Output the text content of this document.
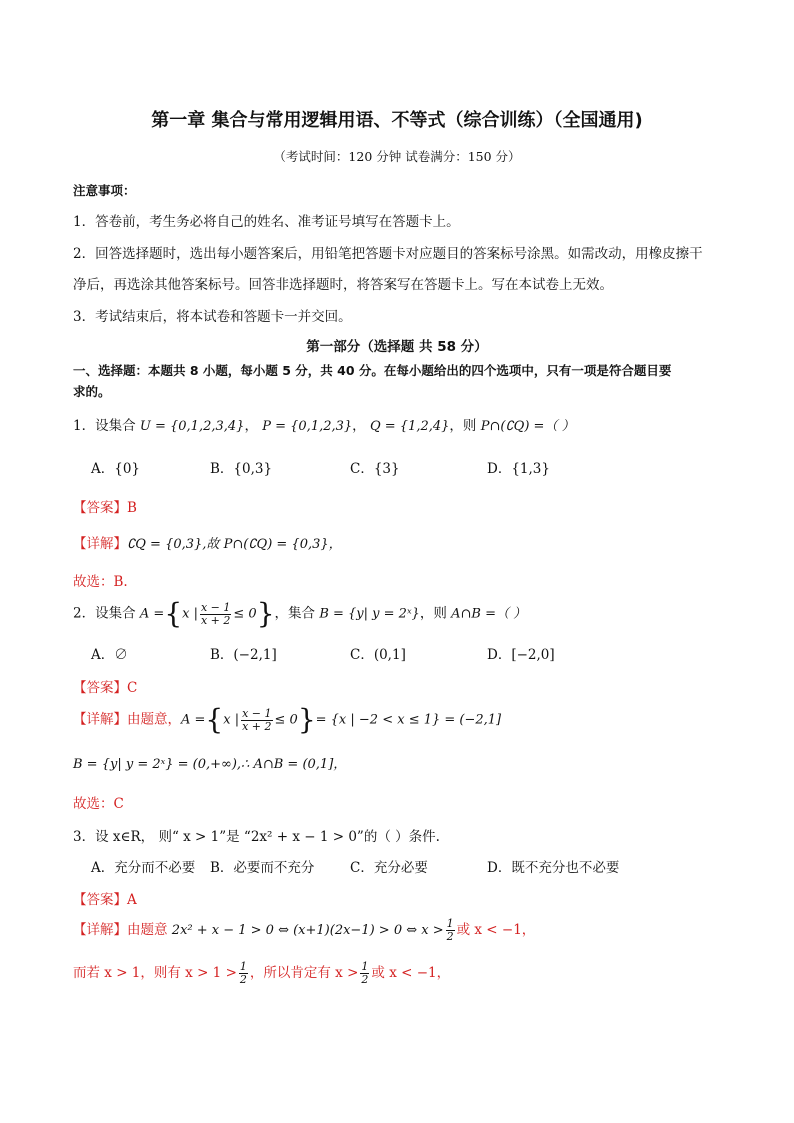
第一章 集合与常用逻辑用语、不等式（综合训练）（全国通用)
（考试时间：120 分钟 试卷满分：150 分）
注意事项：
1．答卷前，考生务必将自己的姓名、准考证号填写在答题卡上。
2．回答选择题时，选出每小题答案后，用铅笔把答题卡对应题目的答案标号涂黑。如需改动，用橡皮擦干
净后，再选涂其他答案标号。回答非选择题时，将答案写在答题卡上。写在本试卷上无效。
3．考试结束后，将本试卷和答题卡一并交回。
第一部分（选择题 共 58 分）
一、选择题：本题共 8 小题，每小题 5 分，共 40 分。在每小题给出的四个选项中，只有一项是符合题目要
求的。
1．设集合 U = {0,1,2,3,4}， P = {0,1,2,3}， Q = {1,2,4}，则 P∩(∁Q) =（ ）
A．{0}	B．{0,3}	C．{3}	D．{1,3}
【答案】B
【详解】∁Q = {0,3},故 P∩(∁Q) = {0,3}，
故选：B.
2．设集合 A ={x | $\frac{x - 1}{x + 2} \le 0$}，集合 B = {y| y = 2ˣ}，则 A∩B =（ ）
A．∅	B．(−2,1]	C．(0,1]	D．[−2,0]
【答案】C
【详解】由题意，A ={x | $\frac{x - 1}{x + 2} \le 0\}= \{x$ | −2 < x ≤ 1} = (−2,1]
B = {y| y = 2ˣ} = (0,+∞),∴ A∩B = (0,1]，
故选：C
3．设 x∈R， 则“ x > 1”是 “2x² + x − 1 > 0”的（ ）条件.
A．充分而不必要 B．必要而不充分	C．充分必要	D．既不充分也不必要
【答案】A
【详解】由题意 2x² + x − 1 > 0 ⇔ (x+1)(2x−1) > 0 ⇔ $x > \frac{1}{2}$ 或 x < −1，
而若 x > 1，则有 $x > 1 > \frac{1}{2}$ ，所以肯定有 $x > \frac{1}{2}$ 或 x < −1，
